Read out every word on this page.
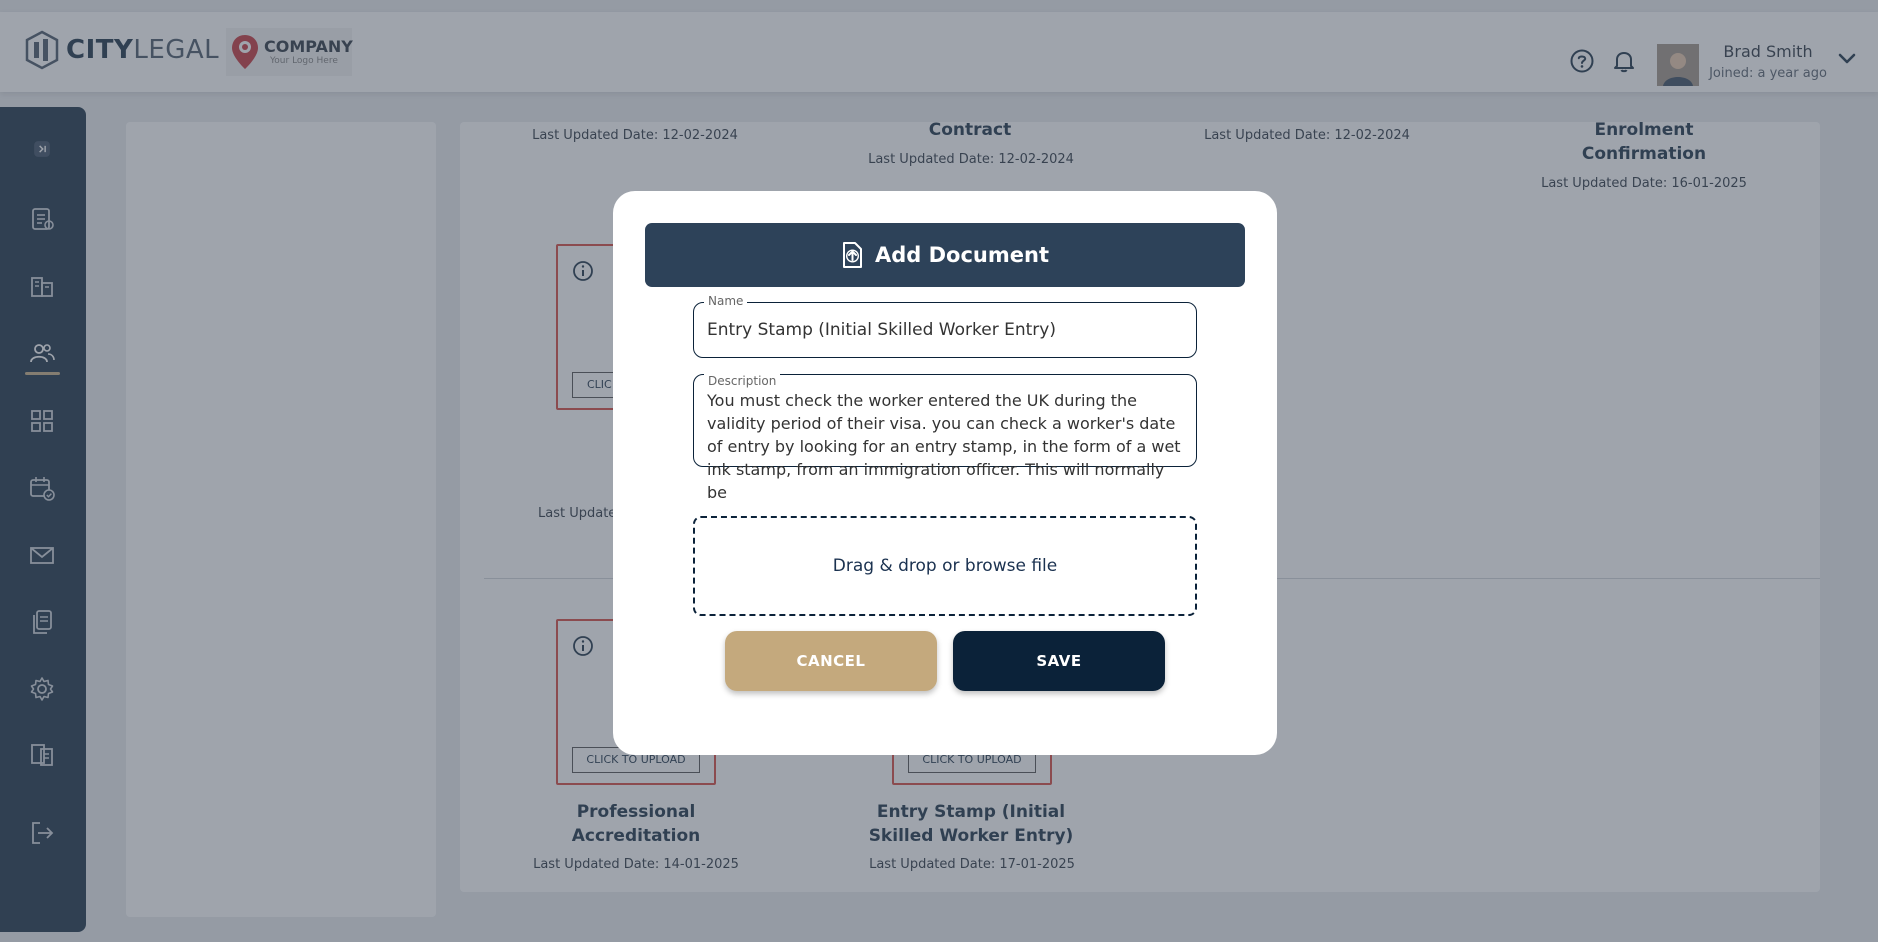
Add Document
Name
Entry Stamp (Initial Skilled Worker Entry)
Description
You must check the worker entered the UK during the validity period of their visa. you can check a worker's date of entry by looking for an entry stamp, in the form of a wet ink stamp, from an immigration officer. This will normally be
Drag & drop or browse file
CANCEL	SAVE
